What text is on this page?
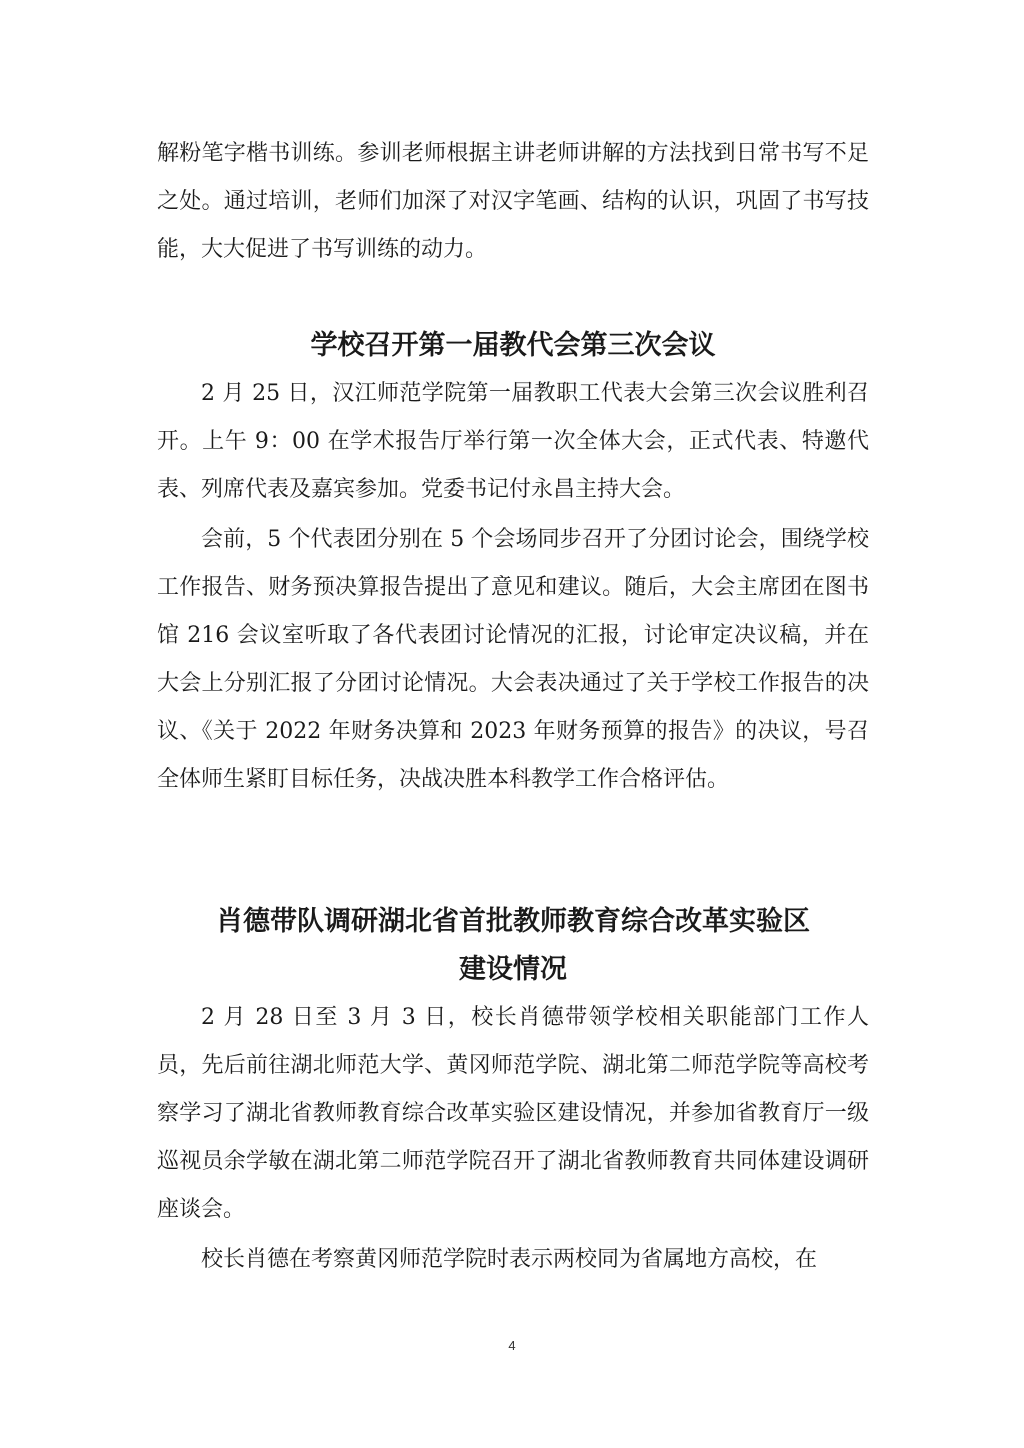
解粉笔字楷书训练。参训老师根据主讲老师讲解的方法找到日常书写不足之处。通过培训，老师们加深了对汉字笔画、结构的认识，巩固了书写技能，大大促进了书写训练的动力。

学校召开第一届教代会第三次会议

2 月 25 日，汉江师范学院第一届教职工代表大会第三次会议胜利召开。上午 9：00 在学术报告厅举行第一次全体大会，正式代表、特邀代表、列席代表及嘉宾参加。党委书记付永昌主持大会。

会前，5 个代表团分别在 5 个会场同步召开了分团讨论会，围绕学校工作报告、财务预决算报告提出了意见和建议。随后，大会主席团在图书馆 216 会议室听取了各代表团讨论情况的汇报，讨论审定决议稿，并在大会上分别汇报了分团讨论情况。大会表决通过了关于学校工作报告的决议、《关于 2022 年财务决算和 2023 年财务预算的报告》的决议，号召全体师生紧盯目标任务，决战决胜本科教学工作合格评估。

肖德带队调研湖北省首批教师教育综合改革实验区
建设情况

2 月 28 日至 3 月 3 日，校长肖德带领学校相关职能部门工作人员，先后前往湖北师范大学、黄冈师范学院、湖北第二师范学院等高校考察学习了湖北省教师教育综合改革实验区建设情况，并参加省教育厅一级巡视员余学敏在湖北第二师范学院召开了湖北省教师教育共同体建设调研座谈会。

校长肖德在考察黄冈师范学院时表示两校同为省属地方高校，在

4
